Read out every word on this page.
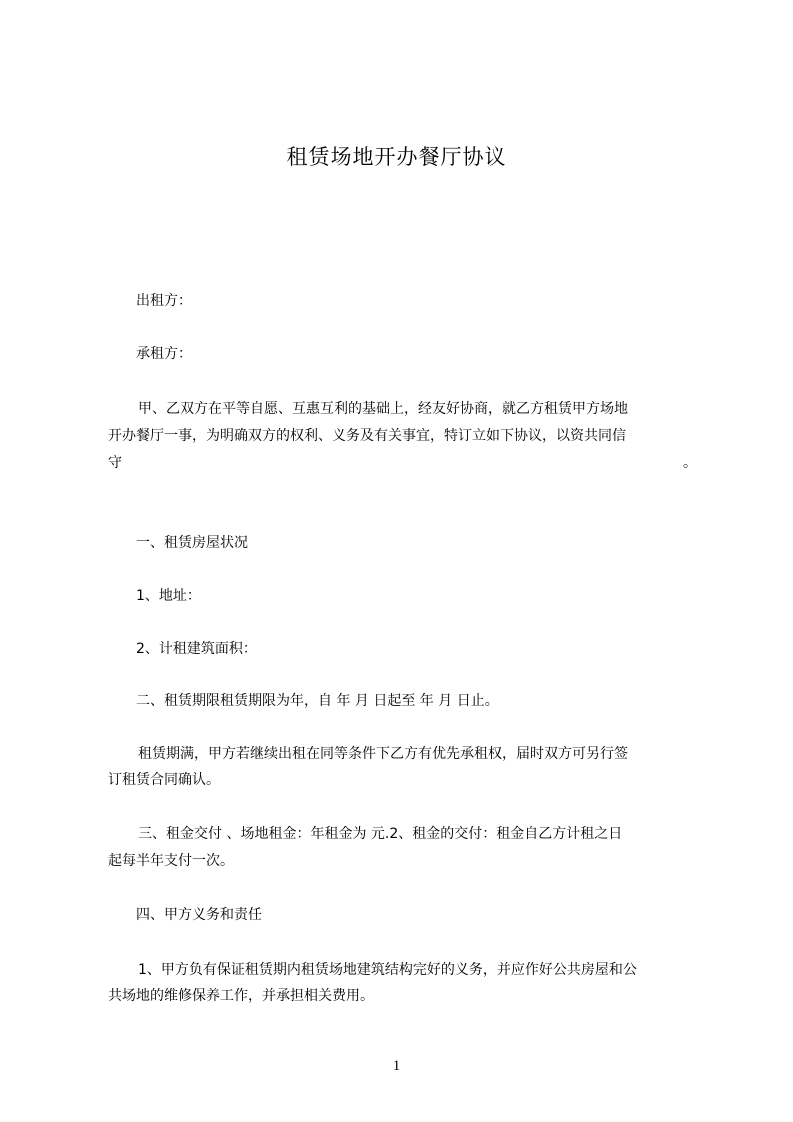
租赁场地开办餐厅协议
出租方：
承租方：
甲、乙双方在平等自愿、互惠互利的基础上，经友好协商，就乙方租赁甲方场地
开办餐厅一事，为明确双方的权利、义务及有关事宜，特订立如下协议，以资共同信
守	。
一、租赁房屋状况
1、地址：
2、计租建筑面积：
二、租赁期限租赁期限为年，自 年 月 日起至 年 月 日止。
租赁期满，甲方若继续出租在同等条件下乙方有优先承租权，届时双方可另行签
订租赁合同确认。
三、租金交付 、场地租金：年租金为 元.2、租金的交付：租金自乙方计租之日
起每半年支付一次。
四、甲方义务和责任
1、甲方负有保证租赁期内租赁场地建筑结构完好的义务，并应作好公共房屋和公
共场地的维修保养工作，并承担相关费用。
1
